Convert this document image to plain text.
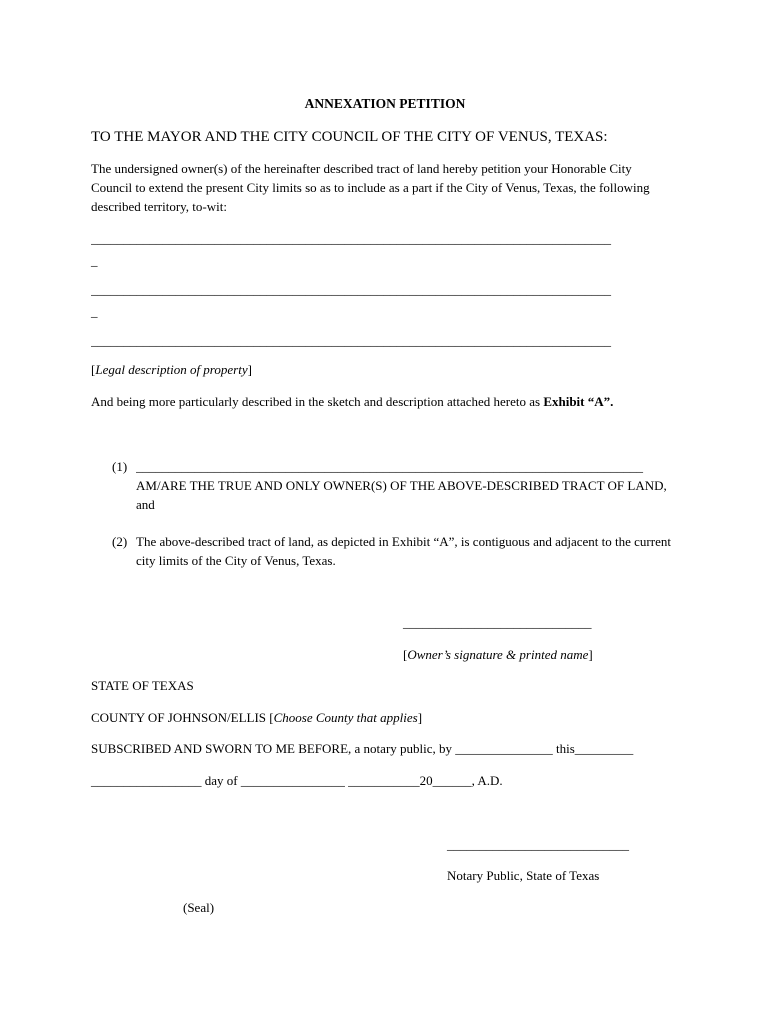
ANNEXATION PETITION
TO THE MAYOR AND THE CITY COUNCIL OF THE CITY OF VENUS, TEXAS:
The undersigned owner(s) of the hereinafter described tract of land hereby petition your Honorable City Council to extend the present City limits so as to include as a part if the City of Venus, Texas, the following described territory, to-wit:
________________________________________________________________________________
_
________________________________________________________________________________
_
________________________________________________________________________________
[Legal description of property]
And being more particularly described in the sketch and description attached hereto as Exhibit “A”.
(1) ______________________________________________________________________________
AM/ARE THE TRUE AND ONLY OWNER(S) OF THE ABOVE-DESCRIBED TRACT OF LAND, and
(2) The above-described tract of land, as depicted in Exhibit “A”, is contiguous and adjacent to the current city limits of the City of Venus, Texas.
_____________________________
[Owner’s signature & printed name]
STATE OF TEXAS
COUNTY OF JOHNSON/ELLIS [Choose County that applies]
SUBSCRIBED AND SWORN TO ME BEFORE, a notary public, by _______________ this_________
_________________ day of ________________ ___________20______, A.D.
____________________________
Notary Public, State of Texas
(Seal)
